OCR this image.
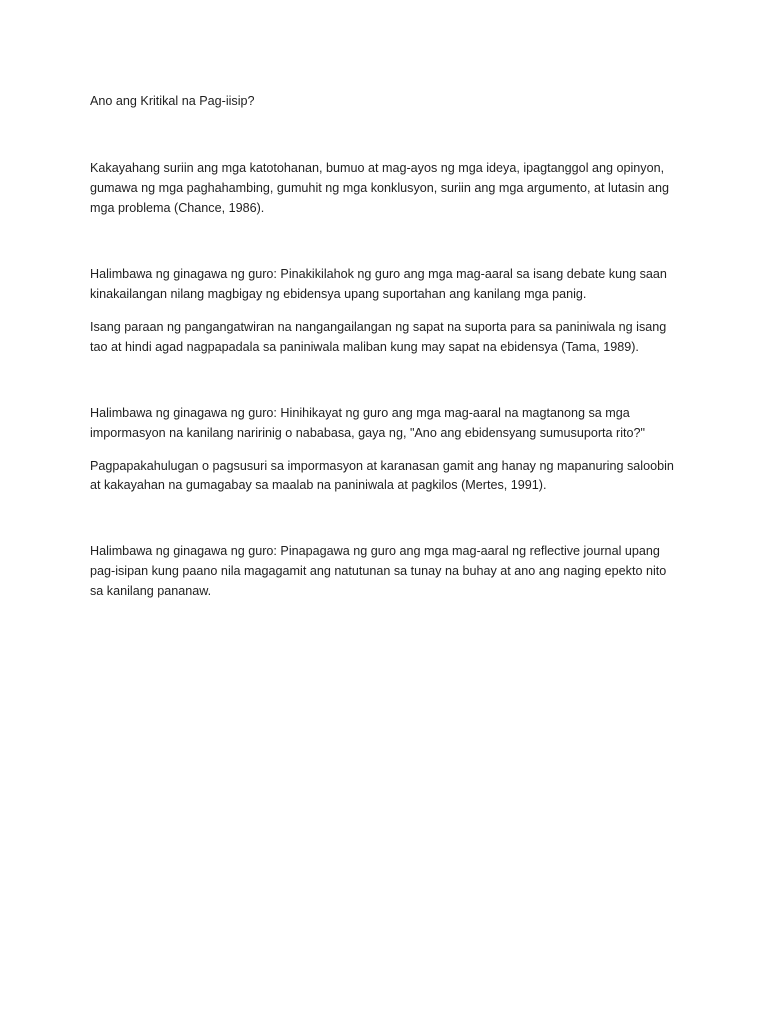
Ano ang Kritikal na Pag-iisip?
Kakayahang suriin ang mga katotohanan, bumuo at mag-ayos ng mga ideya, ipagtanggol ang opinyon,
gumawa ng mga paghahambing, gumuhit ng mga konklusyon, suriin ang mga argumento, at lutasin ang
mga problema (Chance, 1986).
Halimbawa ng ginagawa ng guro: Pinakikilahok ng guro ang mga mag-aaral sa isang debate kung saan
kinakailangan nilang magbigay ng ebidensya upang suportahan ang kanilang mga panig.
Isang paraan ng pangangatwiran na nangangailangan ng sapat na suporta para sa paniniwala ng isang
tao at hindi agad nagpapadala sa paniniwala maliban kung may sapat na ebidensya (Tama, 1989).
Halimbawa ng ginagawa ng guro: Hinihikayat ng guro ang mga mag-aaral na magtanong sa mga
impormasyon na kanilang naririnig o nababasa, gaya ng, "Ano ang ebidensyang sumusuporta rito?"
Pagpapakahulugan o pagsusuri sa impormasyon at karanasan gamit ang hanay ng mapanuring saloobin
at kakayahan na gumagabay sa maalab na paniniwala at pagkilos (Mertes, 1991).
Halimbawa ng ginagawa ng guro: Pinapagawa ng guro ang mga mag-aaral ng reflective journal upang
pag-isipan kung paano nila magagamit ang natutunan sa tunay na buhay at ano ang naging epekto nito
sa kanilang pananaw.
